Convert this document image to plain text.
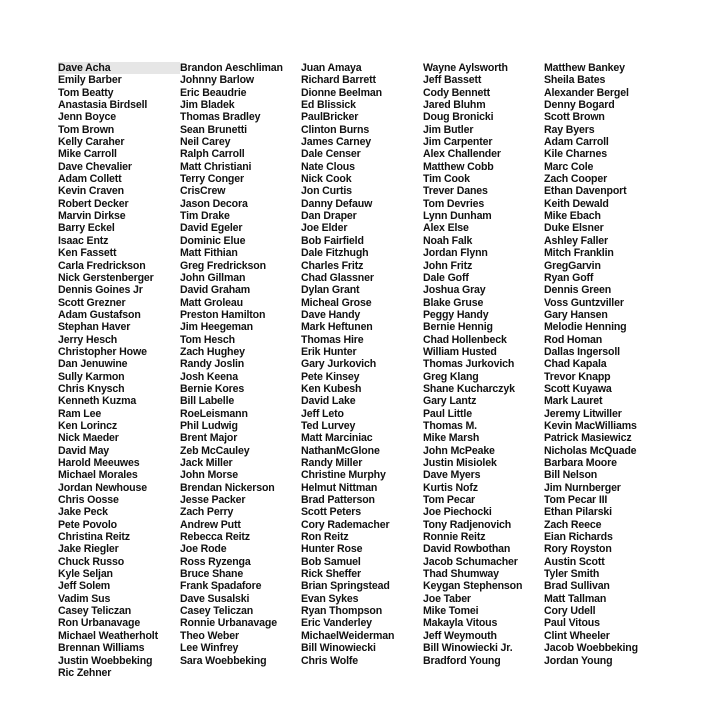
Dave Acha
Emily Barber
Tom Beatty
Anastasia Birdsell
Jenn Boyce
Tom Brown
Kelly Caraher
Mike Carroll
Dave Chevalier
Adam Collett
Kevin Craven
Robert Decker
Marvin Dirkse
Barry Eckel
Isaac Entz
Ken Fassett
Carla Fredrickson
Nick Gerstenberger
Dennis Goines Jr
Scott Grezner
Adam Gustafson
Stephan Haver
Jerry Hesch
Christopher Howe
Dan Jenuwine
Sully Karmon
Chris Knysch
Kenneth Kuzma
Ram Lee
Ken Lorincz
Nick Maeder
David May
Harold Meeuwes
Michael Morales
Jordan Newhouse
Chris Oosse
Jake Peck
Pete Povolo
Christina Reitz
Jake Riegler
Chuck Russo
Kyle Seljan
Jeff Solem
Vadim Sus
Casey Teliczan
Ron Urbanavage
Michael Weatherholt
Brennan Williams
Justin Woebbeking
Ric Zehner
Brandon Aeschliman
Johnny Barlow
Eric Beaudrie
Jim Bladek
Thomas Bradley
Sean Brunetti
Neil Carey
Ralph Carroll
Matt Christiani
Terry Conger
CrisCrew
Jason Decora
Tim Drake
David Egeler
Dominic Elue
Matt Fithian
Greg Fredrickson
John Gillman
David Graham
Matt Groleau
Preston Hamilton
Jim Heegeman
Tom Hesch
Zach Hughey
Randy Joslin
Josh Keena
Bernie Kores
Bill Labelle
RoeLeismann
Phil Ludwig
Brent Major
Zeb McCauley
Jack Miller
John Morse
Brendan Nickerson
Jesse Packer
Zach Perry
Andrew Putt
Rebecca Reitz
Joe Rode
Ross Ryzenga
Bruce Shane
Frank Spadafore
Dave Susalski
Casey Teliczan
Ronnie Urbanavage
Theo Weber
Lee Winfrey
Sara Woebbeking
Juan Amaya
Richard Barrett
Dionne Beelman
Ed Blissick
PaulBricker
Clinton Burns
James Carney
Dale Censer
Nate Clous
Nick Cook
Jon Curtis
Danny Defauw
Dan Draper
Joe Elder
Bob Fairfield
Dale Fitzhugh
Charles Fritz
Chad Glassner
Dylan Grant
Micheal Grose
Dave Handy
Mark Heftunen
Thomas Hire
Erik Hunter
Gary Jurkovich
Pete Kinsey
Ken Kubesh
David Lake
Jeff Leto
Ted Lurvey
Matt Marciniac
NathanMcGlone
Randy Miller
Christine Murphy
Helmut Nittman
Brad Patterson
Scott Peters
Cory Rademacher
Ron Reitz
Hunter Rose
Bob Samuel
Rick Sheffer
Brian Springstead
Evan Sykes
Ryan Thompson
Eric Vanderley
MichaelWeiderman
Bill Winowiecki
Chris Wolfe
Wayne Aylsworth
Jeff Bassett
Cody Bennett
Jared Bluhm
Doug Bronicki
Jim Butler
Jim Carpenter
Alex Challender
Matthew Cobb
Tim Cook
Trever Danes
Tom Devries
Lynn Dunham
Alex Else
Noah Falk
Jordan Flynn
John Fritz
Dale Goff
Joshua Gray
Blake Gruse
Peggy Handy
Bernie Hennig
Chad Hollenbeck
William Husted
Thomas Jurkovich
Greg Klang
Shane Kucharczyk
Gary Lantz
Paul Little
Thomas M.
Mike Marsh
John McPeake
Justin Misiolek
Dave Myers
Kurtis Nofz
Tom Pecar
Joe Piechocki
Tony Radjenovich
Ronnie Reitz
David Rowbothan
Jacob Schumacher
Thad Shumway
Keygan Stephenson
Joe Taber
Mike Tomei
Makayla Vitous
Jeff Weymouth
Bill Winowiecki Jr.
Bradford Young
Matthew Bankey
Sheila Bates
Alexander Bergel
Denny Bogard
Scott Brown
Ray Byers
Adam Carroll
Kile Charnes
Marc Cole
Zach Cooper
Ethan Davenport
Keith Dewald
Mike Ebach
Duke Elsner
Ashley Faller
Mitch Franklin
GregGarvin
Ryan Goff
Dennis Green
Voss Guntzviller
Gary Hansen
Melodie Henning
Rod Homan
Dallas Ingersoll
Chad Kapala
Trevor Knapp
Scott Kuyawa
Mark Lauret
Jeremy Litwiller
Kevin MacWilliams
Patrick Masiewicz
Nicholas McQuade
Barbara Moore
Bill Nelson
Jim Nurnberger
Tom Pecar III
Ethan Pilarski
Zach Reece
Eian Richards
Rory Royston
Austin Scott
Tyler Smith
Brad Sullivan
Matt Tallman
Cory Udell
Paul Vitous
Clint Wheeler
Jacob Woebbeking
Jordan Young
